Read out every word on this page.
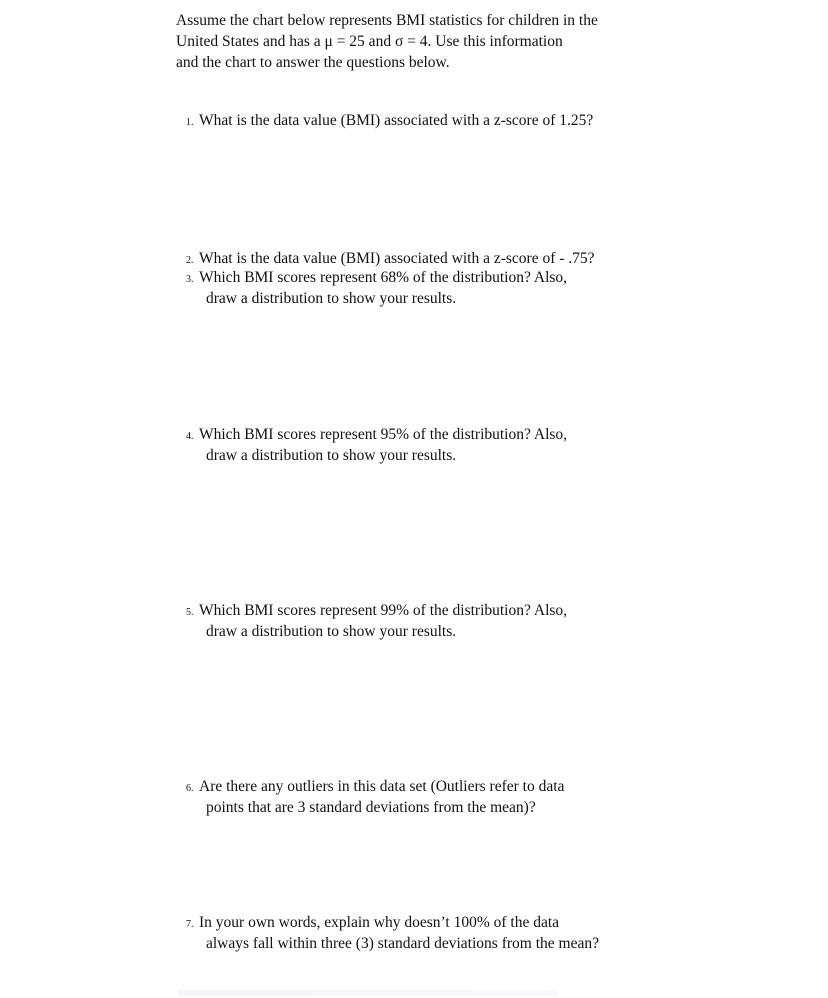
Assume the chart below represents BMI statistics for children in the
United States and has a μ = 25 and σ = 4. Use this information
and the chart to answer the questions below.
1. What is the data value (BMI) associated with a z-score of 1.25?
2. What is the data value (BMI) associated with a z-score of - .75?
3. Which BMI scores represent 68% of the distribution? Also,
draw a distribution to show your results.
4. Which BMI scores represent 95% of the distribution? Also,
draw a distribution to show your results.
5. Which BMI scores represent 99% of the distribution? Also,
draw a distribution to show your results.
6. Are there any outliers in this data set (Outliers refer to data
points that are 3 standard deviations from the mean)?
7. In your own words, explain why doesn’t 100% of the data
always fall within three (3) standard deviations from the mean?
